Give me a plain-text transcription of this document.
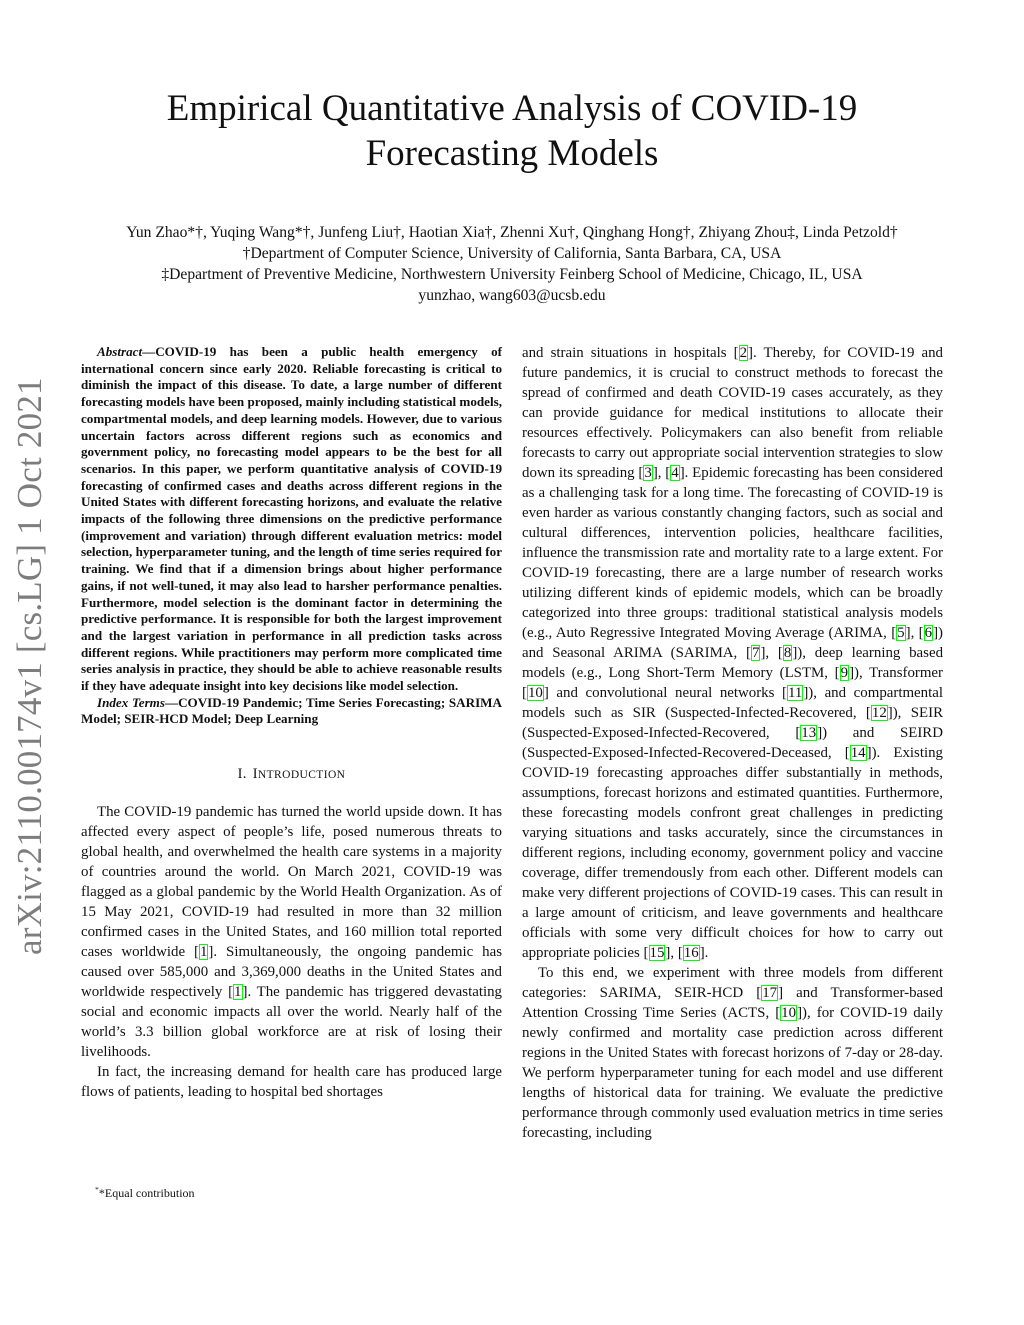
arXiv:2110.00174v1 [cs.LG] 1 Oct 2021
Empirical Quantitative Analysis of COVID-19
Forecasting Models
Yun Zhao*†, Yuqing Wang*†, Junfeng Liu†, Haotian Xia†, Zhenni Xu†, Qinghang Hong†, Zhiyang Zhou‡, Linda Petzold†
†Department of Computer Science, University of California, Santa Barbara, CA, USA
‡Department of Preventive Medicine, Northwestern University Feinberg School of Medicine, Chicago, IL, USA
yunzhao, wang603@ucsb.edu

Abstract—COVID-19 has been a public health emergency of international concern since early 2020. Reliable forecasting is critical to diminish the impact of this disease. To date, a large number of different forecasting models have been proposed, mainly including statistical models, compartmental models, and deep learning models. However, due to various uncertain factors across different regions such as economics and government policy, no forecasting model appears to be the best for all scenarios. In this paper, we perform quantitative analysis of COVID-19 forecasting of confirmed cases and deaths across different regions in the United States with different forecasting horizons, and evaluate the relative impacts of the following three dimensions on the predictive performance (improvement and variation) through different evaluation metrics: model selection, hyperparameter tuning, and the length of time series required for training. We find that if a dimension brings about higher performance gains, if not well-tuned, it may also lead to harsher performance penalties. Furthermore, model selection is the dominant factor in determining the predictive performance. It is responsible for both the largest improvement and the largest variation in performance in all prediction tasks across different regions. While practitioners may perform more complicated time series analysis in practice, they should be able to achieve reasonable results if they have adequate insight into key decisions like model selection.

Index Terms—COVID-19 Pandemic; Time Series Forecasting; SARIMA Model; SEIR-HCD Model; Deep Learning

I. INTRODUCTION

The COVID-19 pandemic has turned the world upside down. It has affected every aspect of people’s life, posed numerous threats to global health, and overwhelmed the health care systems in a majority of countries around the world. On March 2021, COVID-19 was flagged as a global pandemic by the World Health Organization. As of 15 May 2021, COVID-19 had resulted in more than 32 million confirmed cases in the United States, and 160 million total reported cases worldwide [1]. Simultaneously, the ongoing pandemic has caused over 585,000 and 3,369,000 deaths in the United States and worldwide respectively [1]. The pandemic has triggered devastating social and economic impacts all over the world. Nearly half of the world’s 3.3 billion global workforce are at risk of losing their livelihoods.

In fact, the increasing demand for health care has produced large flows of patients, leading to hospital bed shortages

and strain situations in hospitals [2]. Thereby, for COVID-19 and future pandemics, it is crucial to construct methods to forecast the spread of confirmed and death COVID-19 cases accurately, as they can provide guidance for medical institutions to allocate their resources effectively. Policymakers can also benefit from reliable forecasts to carry out appropriate social intervention strategies to slow down its spreading [3], [4]. Epidemic forecasting has been considered as a challenging task for a long time. The forecasting of COVID-19 is even harder as various constantly changing factors, such as social and cultural differences, intervention policies, healthcare facilities, influence the transmission rate and mortality rate to a large extent. For COVID-19 forecasting, there are a large number of research works utilizing different kinds of epidemic models, which can be broadly categorized into three groups: traditional statistical analysis models (e.g., Auto Regressive Integrated Moving Average (ARIMA, [5], [6]) and Seasonal ARIMA (SARIMA, [7], [8]), deep learning based models (e.g., Long Short-Term Memory (LSTM, [9]), Transformer [10] and convolutional neural networks [11]), and compartmental models such as SIR (Suspected-Infected-Recovered, [12]), SEIR (Suspected-Exposed-Infected-Recovered, [13]) and SEIRD (Suspected-Exposed-Infected-Recovered-Deceased, [14]). Existing COVID-19 forecasting approaches differ substantially in methods, assumptions, forecast horizons and estimated quantities. Furthermore, these forecasting models confront great challenges in predicting varying situations and tasks accurately, since the circumstances in different regions, including economy, government policy and vaccine coverage, differ tremendously from each other. Different models can make very different projections of COVID-19 cases. This can result in a large amount of criticism, and leave governments and healthcare officials with some very difficult choices for how to carry out appropriate policies [15], [16].

To this end, we experiment with three models from different categories: SARIMA, SEIR-HCD [17] and Transformer-based Attention Crossing Time Series (ACTS, [10]), for COVID-19 daily newly confirmed and mortality case prediction across different regions in the United States with forecast horizons of 7-day or 28-day. We perform hyperparameter tuning for each model and use different lengths of historical data for training. We evaluate the predictive performance through commonly used evaluation metrics in time series forecasting, including

**Equal contribution
